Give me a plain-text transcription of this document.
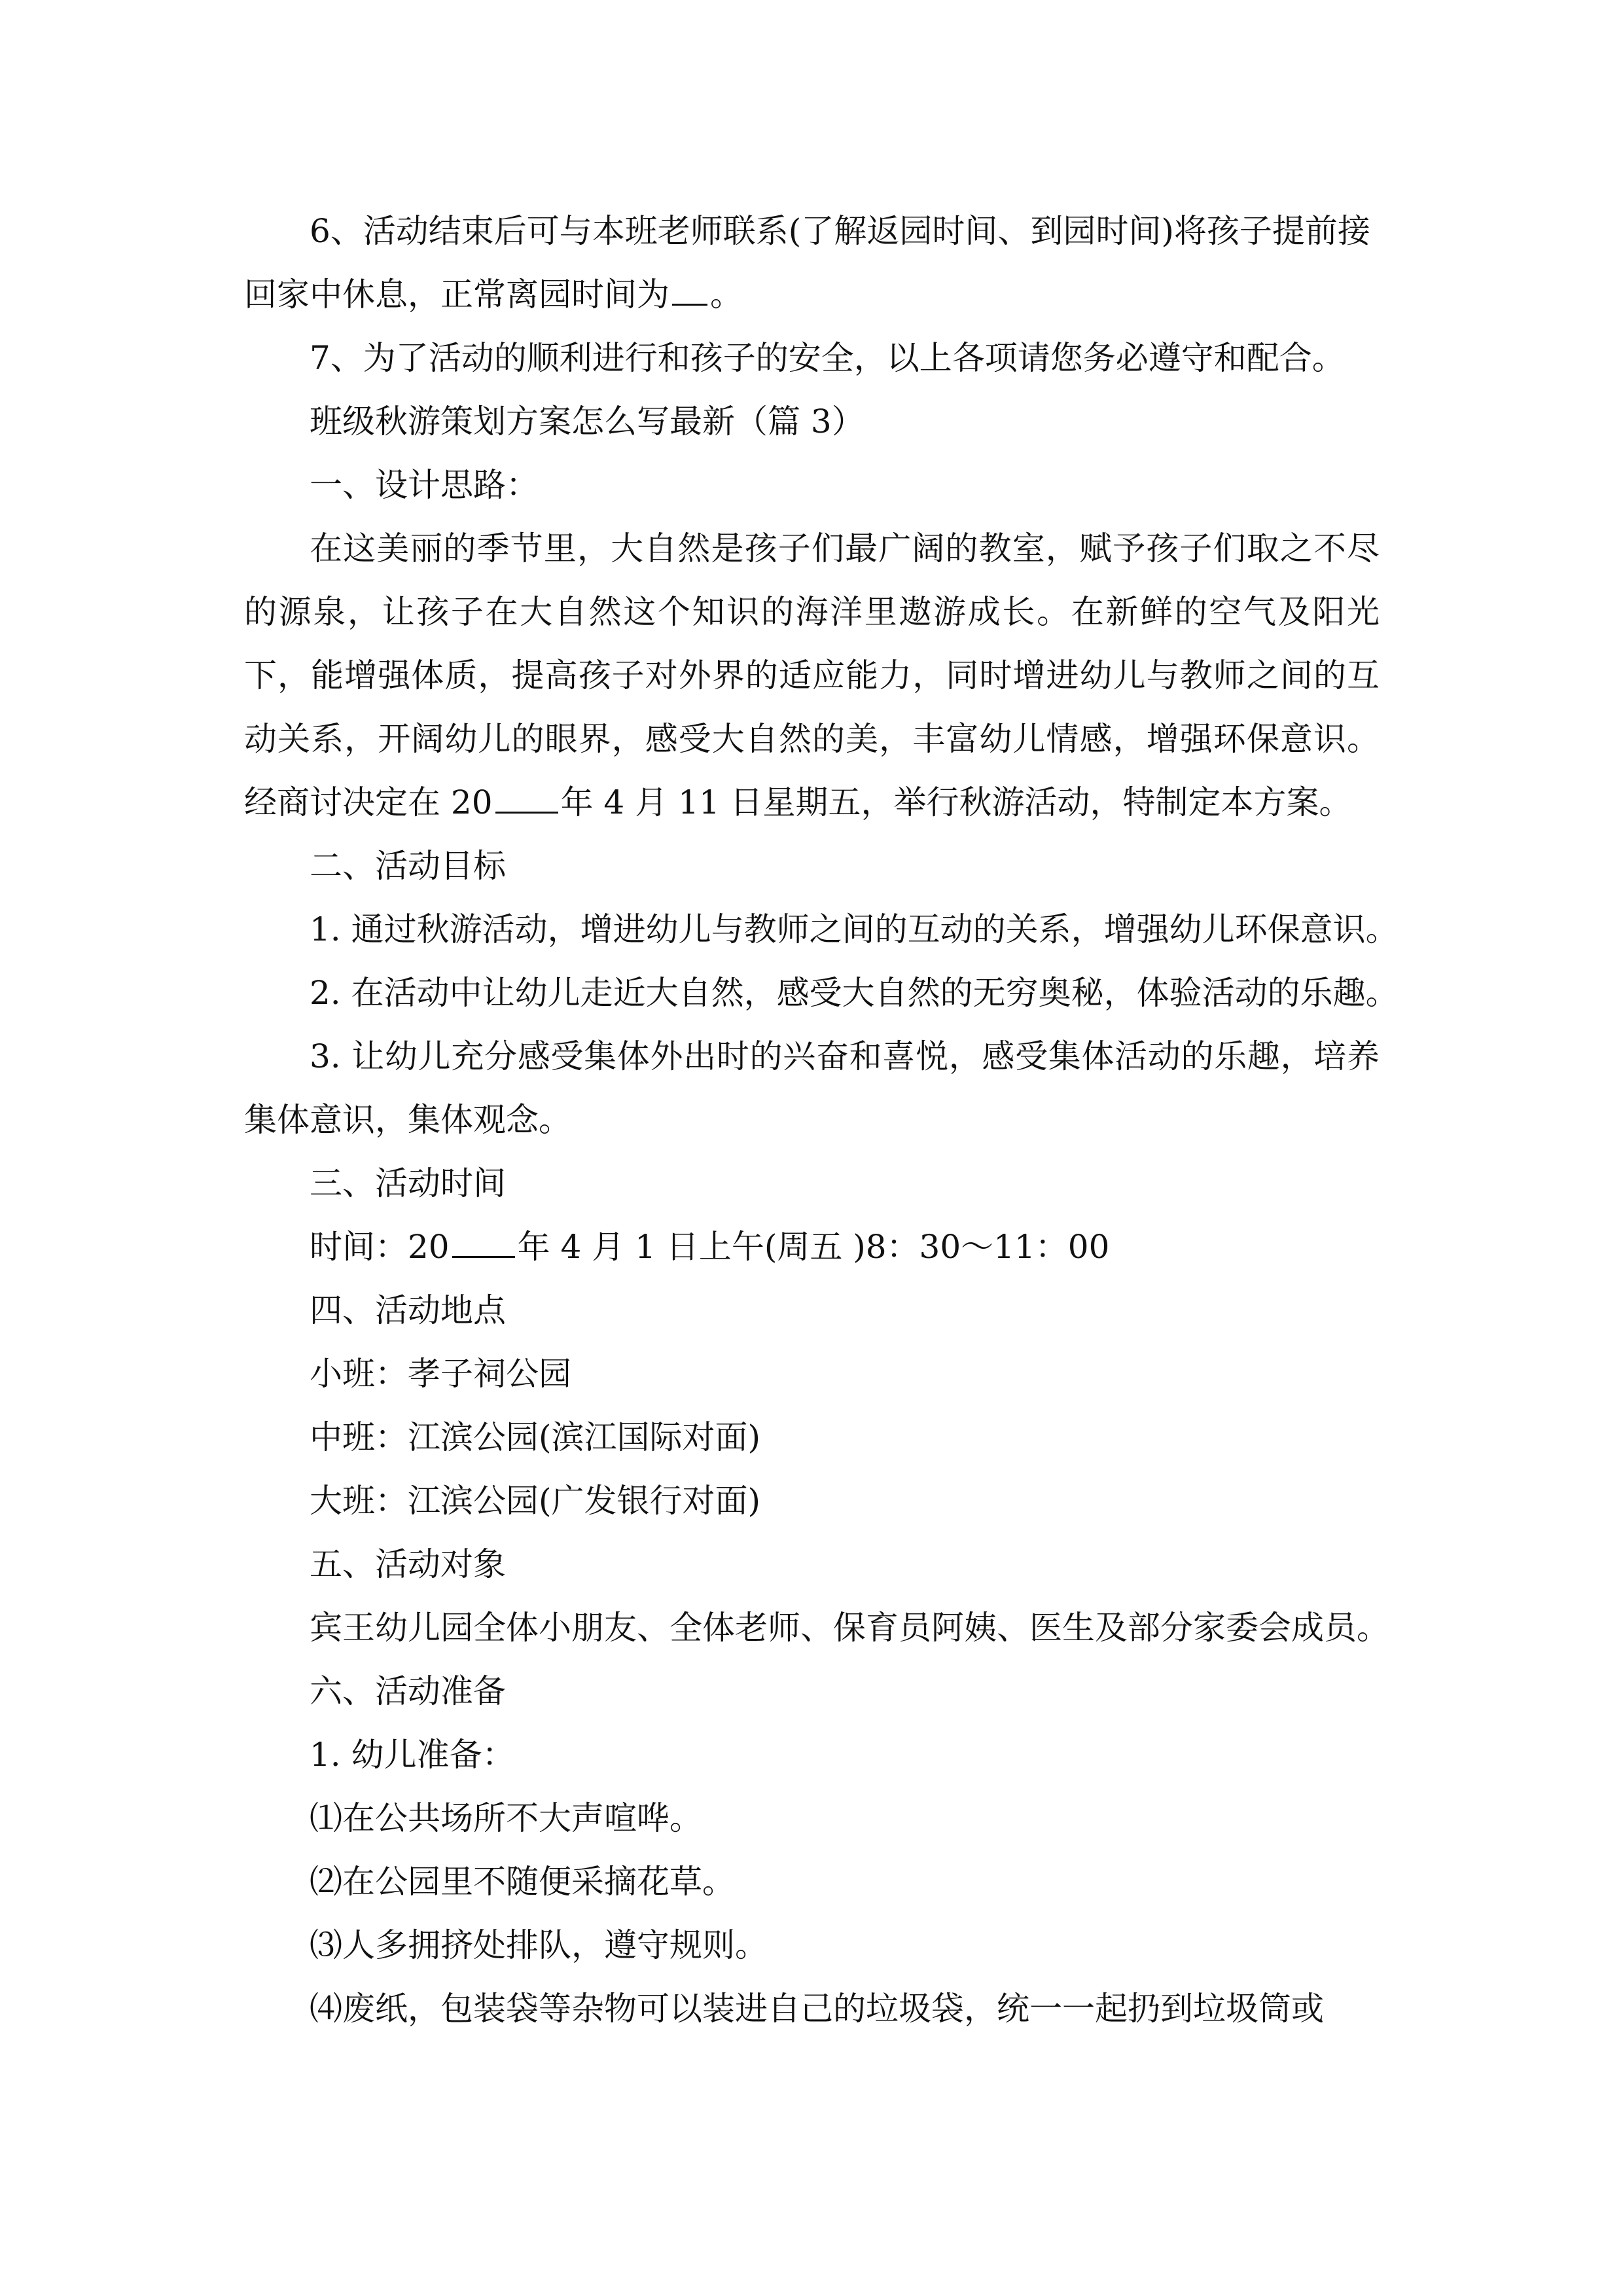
6、活动结束后可与本班老师联系(了解返园时间、到园时间)将孩子提前接

回家中休息，正常离园时间为 。

7、为了活动的顺利进行和孩子的安全，以上各项请您务必遵守和配合。

班级秋游策划方案怎么写最新（篇 3）

一、设计思路：

在这美丽的季节里，大自然是孩子们最广阔的教室，赋予孩子们取之不尽的源泉，让孩子在大自然这个知识的海洋里遨游成长。在新鲜的空气及阳光下，能增强体质，提高孩子对外界的适应能力，同时增进幼儿与教师之间的互动关系，开阔幼儿的眼界，感受大自然的美，丰富幼儿情感，增强环保意识。经商讨决定在 20 年 4 月 11 日星期五，举行秋游活动，特制定本方案。

二、活动目标

1. 通过秋游活动，增进幼儿与教师之间的互动的关系，增强幼儿环保意识。

2. 在活动中让幼儿走近大自然，感受大自然的无穷奥秘，体验活动的乐趣。

3. 让幼儿充分感受集体外出时的兴奋和喜悦，感受集体活动的乐趣，培养集体意识，集体观念。

三、活动时间

时间：20 年 4 月 1 日上午(周五 )8：30～11：00

四、活动地点

小班：孝子祠公园

中班：江滨公园(滨江国际对面)

大班：江滨公园(广发银行对面)

五、活动对象

宾王幼儿园全体小朋友、全体老师、保育员阿姨、医生及部分家委会成员。

六、活动准备

1. 幼儿准备：

⑴在公共场所不大声喧哗。

⑵在公园里不随便采摘花草。

⑶人多拥挤处排队，遵守规则。

⑷废纸，包装袋等杂物可以装进自己的垃圾袋，统一一起扔到垃圾筒或
